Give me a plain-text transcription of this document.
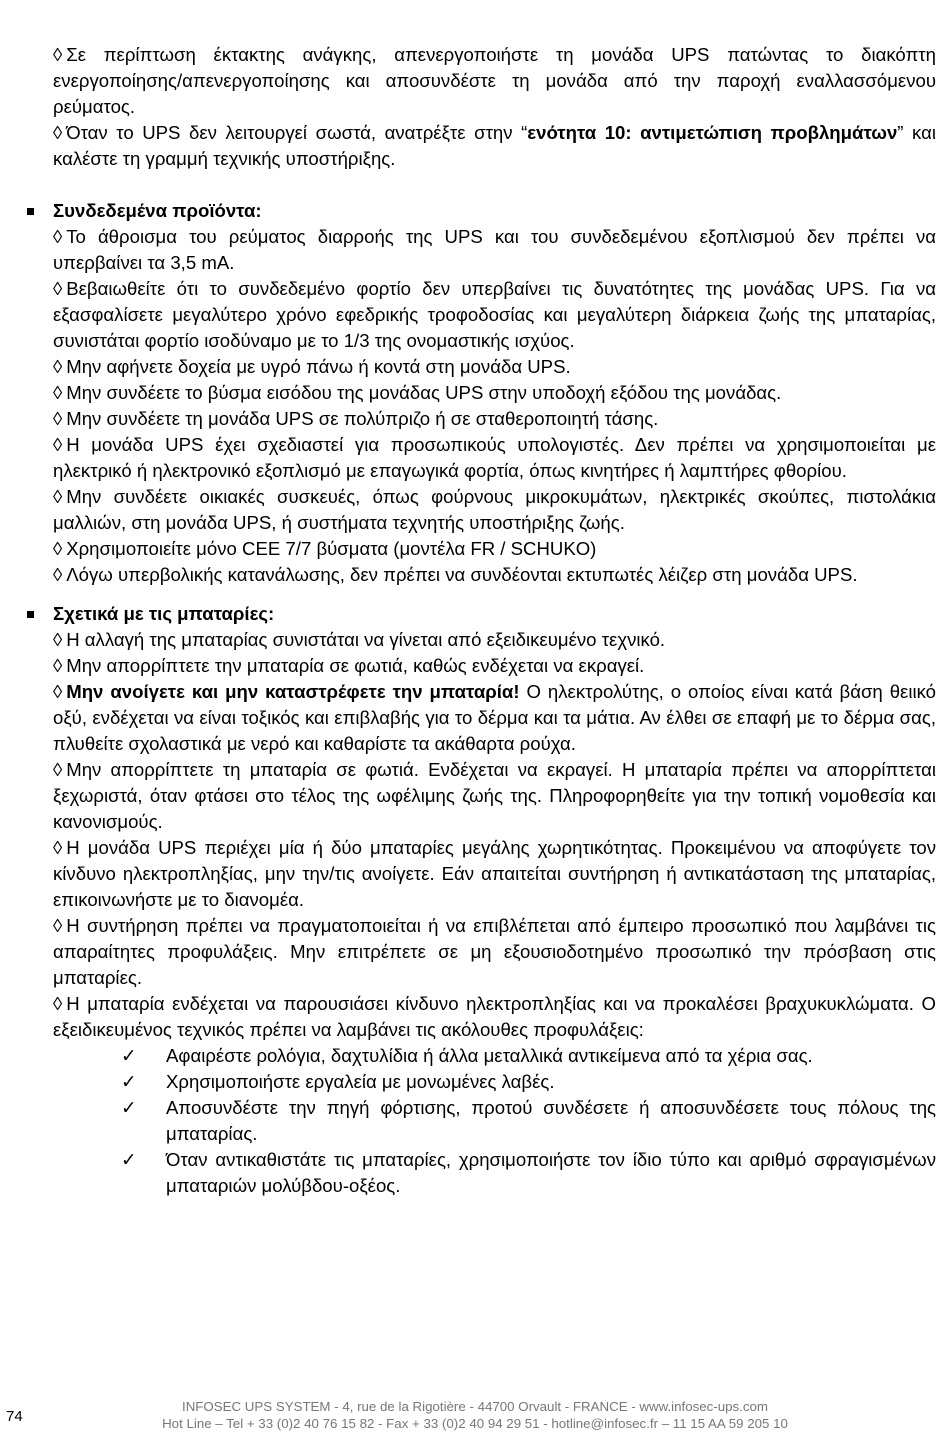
◊ Σε περίπτωση έκτακτης ανάγκης, απενεργοποιήστε τη μονάδα UPS πατώντας το διακόπτη ενεργοποίησης/απενεργοποίησης και αποσυνδέστε τη μονάδα από την παροχή εναλλασσόμενου ρεύματος.

◊ Όταν το UPS δεν λειτουργεί σωστά, ανατρέξτε στην “ενότητα 10: αντιμετώπιση προβλημάτων” και καλέστε τη γραμμή τεχνικής υποστήριξης.

Συνδεδεμένα προϊόντα:

◊ Το άθροισμα του ρεύματος διαρροής της UPS και του συνδεδεμένου εξοπλισμού δεν πρέπει να υπερβαίνει τα 3,5 mA.

◊ Βεβαιωθείτε ότι το συνδεδεμένο φορτίο δεν υπερβαίνει τις δυνατότητες της μονάδας UPS. Για να εξασφαλίσετε μεγαλύτερο χρόνο εφεδρικής τροφοδοσίας και μεγαλύτερη διάρκεια ζωής της μπαταρίας, συνιστάται φορτίο ισοδύναμο με το 1/3 της ονομαστικής ισχύος.

◊ Μην αφήνετε δοχεία με υγρό πάνω ή κοντά στη μονάδα UPS.

◊ Μην συνδέετε το βύσμα εισόδου της μονάδας UPS στην υποδοχή εξόδου της μονάδας.

◊ Μην συνδέετε τη μονάδα UPS σε πολύπριζο ή σε σταθεροποιητή τάσης.

◊ Η μονάδα UPS έχει σχεδιαστεί για προσωπικούς υπολογιστές. Δεν πρέπει να χρησιμοποιείται με ηλεκτρικό ή ηλεκτρονικό εξοπλισμό με επαγωγικά φορτία, όπως κινητήρες ή λαμπτήρες φθορίου.

◊ Μην συνδέετε οικιακές συσκευές, όπως φούρνους μικροκυμάτων, ηλεκτρικές σκούπες, πιστολάκια μαλλιών, στη μονάδα UPS, ή συστήματα τεχνητής υποστήριξης ζωής.

◊ Χρησιμοποιείτε μόνο CEE 7/7 βύσματα (μοντέλα FR / SCHUKO)

◊ Λόγω υπερβολικής κατανάλωσης, δεν πρέπει να συνδέονται εκτυπωτές λέιζερ στη μονάδα UPS.

Σχετικά με τις μπαταρίες:

◊ Η αλλαγή της μπαταρίας συνιστάται να γίνεται από εξειδικευμένο τεχνικό.

◊ Μην απορρίπτετε την μπαταρία σε φωτιά, καθώς ενδέχεται να εκραγεί.

◊ Μην ανοίγετε και μην καταστρέφετε την μπαταρία! Ο ηλεκτρολύτης, ο οποίος είναι κατά βάση θειικό οξύ, ενδέχεται να είναι τοξικός και επιβλαβής για το δέρμα και τα μάτια. Αν έλθει σε επαφή με το δέρμα σας, πλυθείτε σχολαστικά με νερό και καθαρίστε τα ακάθαρτα ρούχα.

◊ Μην απορρίπτετε τη μπαταρία σε φωτιά. Ενδέχεται να εκραγεί. Η μπαταρία πρέπει να απορρίπτεται ξεχωριστά, όταν φτάσει στο τέλος της ωφέλιμης ζωής της. Πληροφορηθείτε για την τοπική νομοθεσία και κανονισμούς.

◊ Η μονάδα UPS περιέχει μία ή δύο μπαταρίες μεγάλης χωρητικότητας. Προκειμένου να αποφύγετε τον κίνδυνο ηλεκτροπληξίας, μην την/τις ανοίγετε. Εάν απαιτείται συντήρηση ή αντικατάσταση της μπαταρίας, επικοινωνήστε με το διανομέα.

◊ Η συντήρηση πρέπει να πραγματοποιείται ή να επιβλέπεται από έμπειρο προσωπικό που λαμβάνει τις απαραίτητες προφυλάξεις. Μην επιτρέπετε σε μη εξουσιοδοτημένο προσωπικό την πρόσβαση στις μπαταρίες.

◊ Η μπαταρία ενδέχεται να παρουσιάσει κίνδυνο ηλεκτροπληξίας και να προκαλέσει βραχυκυκλώματα. Ο εξειδικευμένος τεχνικός πρέπει να λαμβάνει τις ακόλουθες προφυλάξεις:

✓ Αφαιρέστε ρολόγια, δαχτυλίδια ή άλλα μεταλλικά αντικείμενα από τα χέρια σας.
✓ Χρησιμοποιήστε εργαλεία με μονωμένες λαβές.
✓ Αποσυνδέστε την πηγή φόρτισης, προτού συνδέσετε ή αποσυνδέσετε τους πόλους της μπαταρίας.
✓ Όταν αντικαθιστάτε τις μπαταρίες, χρησιμοποιήστε τον ίδιο τύπο και αριθμό σφραγισμένων μπαταριών μολύβδου-οξέος.
74
INFOSEC UPS SYSTEM - 4, rue de la Rigotière - 44700 Orvault - FRANCE - www.infosec-ups.com
Hot Line – Tel + 33 (0)2 40 76 15 82 - Fax + 33 (0)2 40 94 29 51 - hotline@infosec.fr – 11 15 AA 59 205 10
